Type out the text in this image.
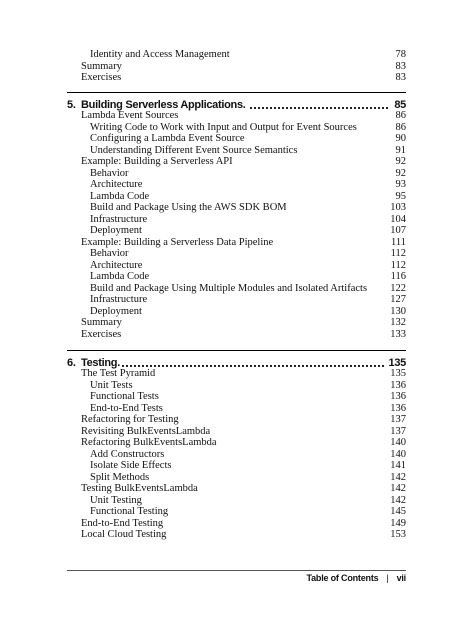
Identity and Access Management	78
Summary	83
Exercises	83
5. Building Serverless Applications.	85
Lambda Event Sources	86
Writing Code to Work with Input and Output for Event Sources	86
Configuring a Lambda Event Source	90
Understanding Different Event Source Semantics	91
Example: Building a Serverless API	92
Behavior	92
Architecture	93
Lambda Code	95
Build and Package Using the AWS SDK BOM	103
Infrastructure	104
Deployment	107
Example: Building a Serverless Data Pipeline	111
Behavior	112
Architecture	112
Lambda Code	116
Build and Package Using Multiple Modules and Isolated Artifacts 122
Infrastructure	127
Deployment	130
Summary	132
Exercises	133
6. Testing.	135
The Test Pyramid	135
Unit Tests	136
Functional Tests	136
End-to-End Tests	136
Refactoring for Testing	137
Revisiting BulkEventsLambda	137
Refactoring BulkEventsLambda	140
Add Constructors	140
Isolate Side Effects	141
Split Methods	142
Testing BulkEventsLambda	142
Unit Testing	142
Functional Testing	145
End-to-End Testing	149
Local Cloud Testing	153
Table of Contents | vii
